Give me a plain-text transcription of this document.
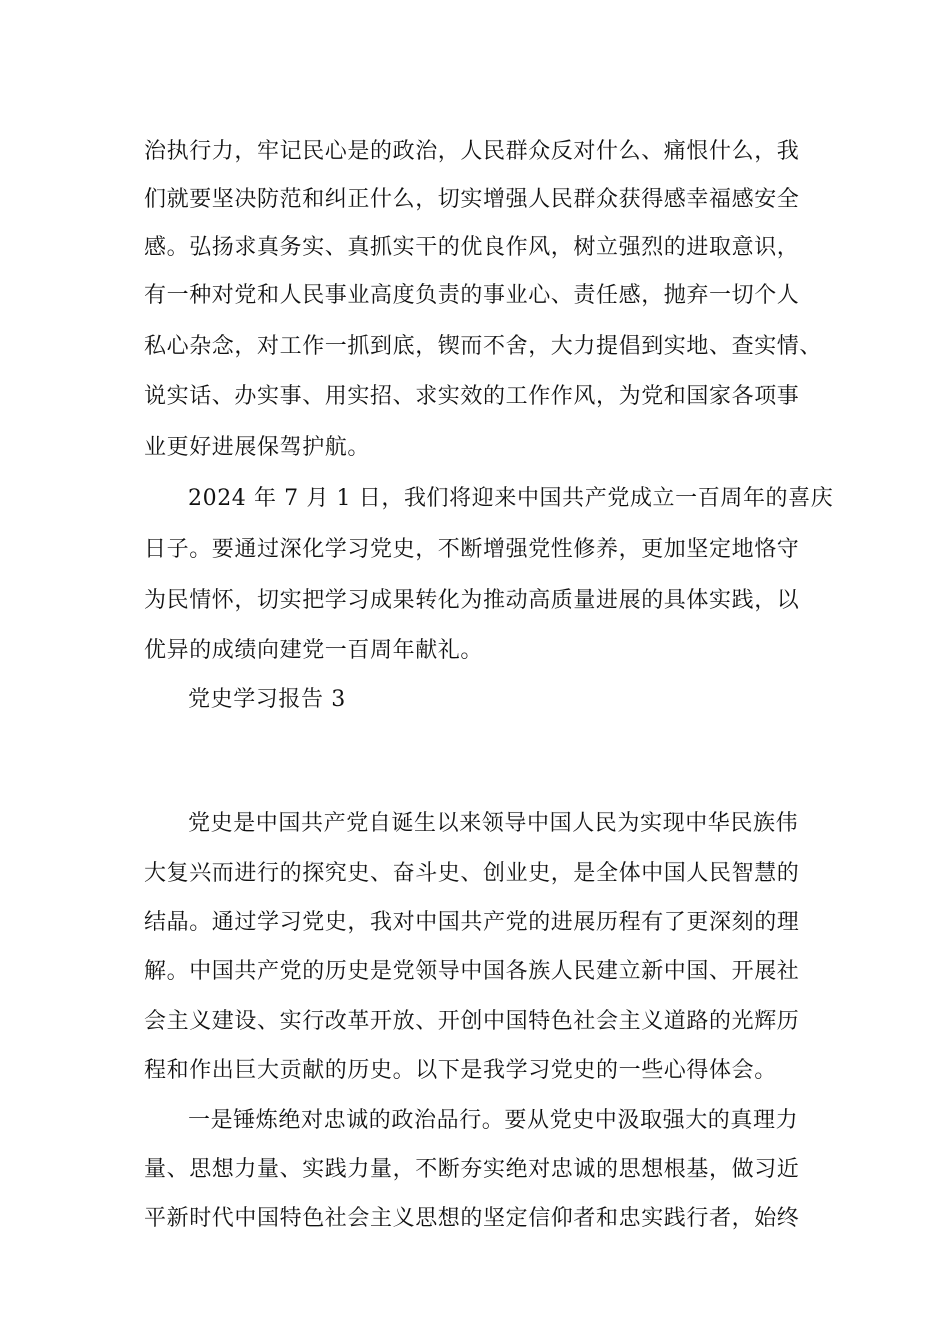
治执行力，牢记民心是的政治，人民群众反对什么、痛恨什么，我
们就要坚决防范和纠正什么，切实增强人民群众获得感幸福感安全
感。弘扬求真务实、真抓实干的优良作风，树立强烈的进取意识，
有一种对党和人民事业高度负责的事业心、责任感，抛弃一切个人
私心杂念，对工作一抓到底，锲而不舍，大力提倡到实地、查实情、
说实话、办实事、用实招、求实效的工作作风，为党和国家各项事
业更好进展保驾护航。
2024 年 7 月 1 日，我们将迎来中国共产党成立一百周年的喜庆
日子。要通过深化学习党史，不断增强党性修养，更加坚定地恪守
为民情怀，切实把学习成果转化为推动高质量进展的具体实践，以
优异的成绩向建党一百周年献礼。
党史学习报告 3
党史是中国共产党自诞生以来领导中国人民为实现中华民族伟
大复兴而进行的探究史、奋斗史、创业史，是全体中国人民智慧的
结晶。通过学习党史，我对中国共产党的进展历程有了更深刻的理
解。中国共产党的历史是党领导中国各族人民建立新中国、开展社
会主义建设、实行改革开放、开创中国特色社会主义道路的光辉历
程和作出巨大贡献的历史。以下是我学习党史的一些心得体会。
一是锤炼绝对忠诚的政治品行。要从党史中汲取强大的真理力
量、思想力量、实践力量，不断夯实绝对忠诚的思想根基，做习近
平新时代中国特色社会主义思想的坚定信仰者和忠实践行者，始终
